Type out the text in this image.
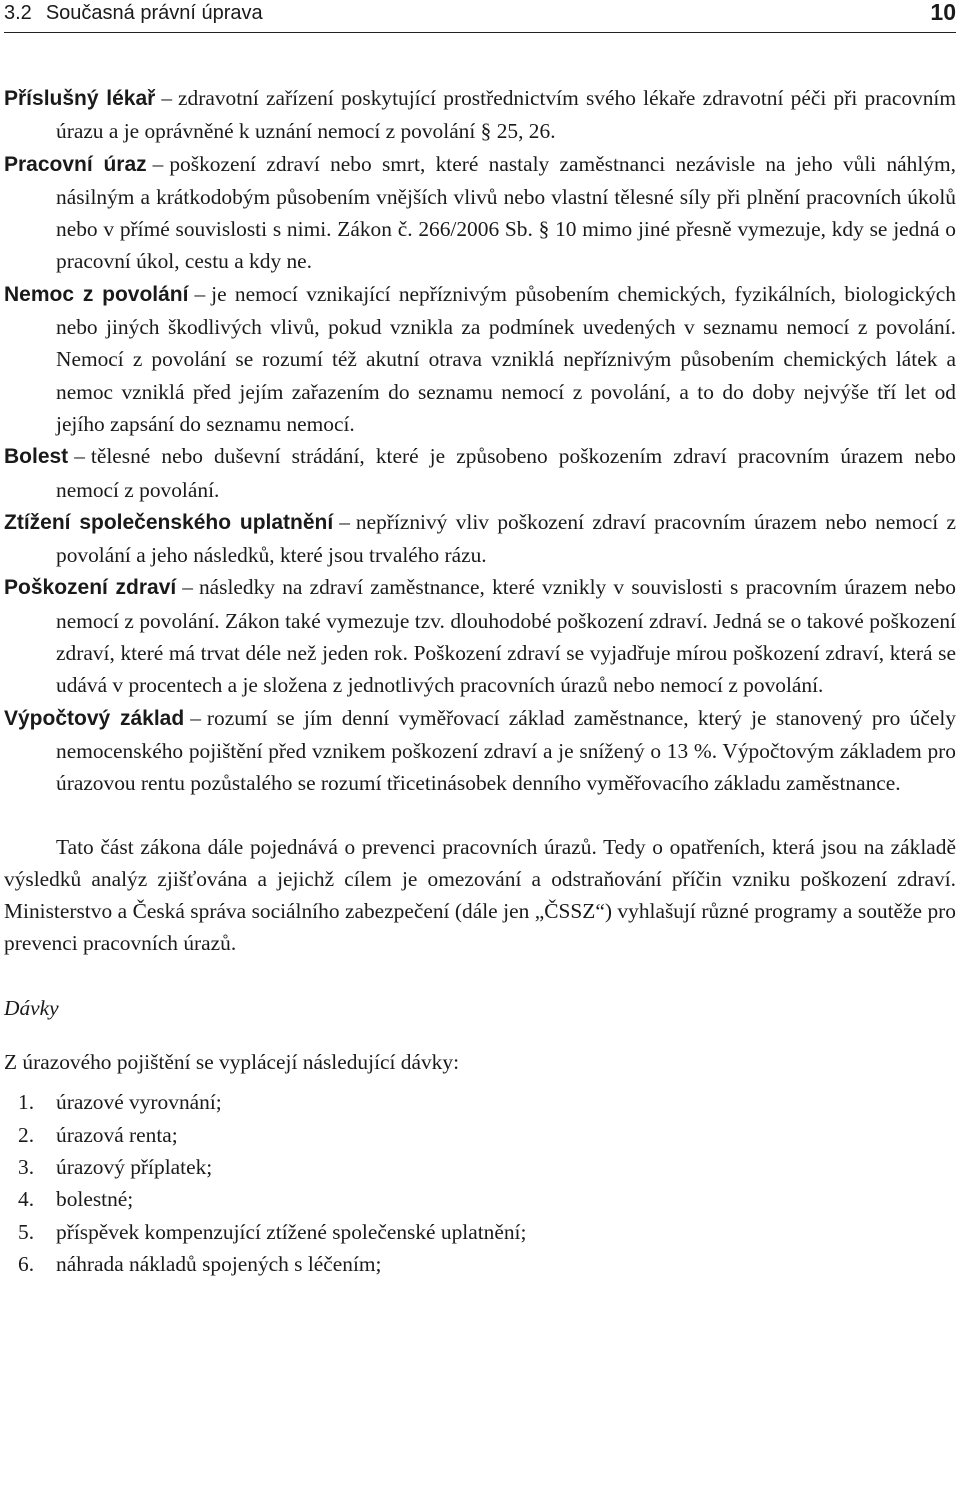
3.2 Současná právní úprava	10

Příslušný lékař – zdravotní zařízení poskytující prostřednictvím svého lékaře zdravotní péči při pracovním úrazu a je oprávněné k uznání nemocí z povolání § 25, 26.

Pracovní úraz – poškození zdraví nebo smrt, které nastaly zaměstnanci nezávisle na jeho vůli náhlým, násilným a krátkodobým působením vnějších vlivů nebo vlastní tělesné síly při plnění pracovních úkolů nebo v přímé souvislosti s nimi. Zákon č. 266/2006 Sb. § 10 mimo jiné přesně vymezuje, kdy se jedná o pracovní úkol, cestu a kdy ne.

Nemoc z povolání – je nemocí vznikající nepříznivým působením chemických, fyzikálních, biologických nebo jiných škodlivých vlivů, pokud vznikla za podmínek uvedených v seznamu nemocí z povolání. Nemocí z povolání se rozumí též akutní otrava vzniklá nepříznivým působením chemických látek a nemoc vzniklá před jejím zařazením do seznamu nemocí z povolání, a to do doby nejvýše tří let od jejího zapsání do seznamu nemocí.

Bolest – tělesné nebo duševní strádání, které je způsobeno poškozením zdraví pracovním úrazem nebo nemocí z povolání.

Ztížení společenského uplatnění – nepříznivý vliv poškození zdraví pracovním úrazem nebo nemocí z povolání a jeho následků, které jsou trvalého rázu.

Poškození zdraví – následky na zdraví zaměstnance, které vznikly v souvislosti s pracovním úrazem nebo nemocí z povolání. Zákon také vymezuje tzv. dlouhodobé poškození zdraví. Jedná se o takové poškození zdraví, které má trvat déle než jeden rok. Poškození zdraví se vyjadřuje mírou poškození zdraví, která se udává v procentech a je složena z jednotlivých pracovních úrazů nebo nemocí z povolání.

Výpočtový základ – rozumí se jím denní vyměřovací základ zaměstnance, který je stanovený pro účely nemocenského pojištění před vznikem poškození zdraví a je snížený o 13 %. Výpočtovým základem pro úrazovou rentu pozůstalého se rozumí třicetinásobek denního vyměřovacího základu zaměstnance.

Tato část zákona dále pojednává o prevenci pracovních úrazů. Tedy o opatřeních, která jsou na základě výsledků analýz zjišťována a jejichž cílem je omezování a odstraňování příčin vzniku poškození zdraví. Ministerstvo a Česká správa sociálního zabezpečení (dále jen „ČSSZ“) vyhlašují různé programy a soutěže pro prevenci pracovních úrazů.

Dávky

Z úrazového pojištění se vyplácejí následující dávky:

1. úrazové vyrovnání;
2. úrazová renta;
3. úrazový příplatek;
4. bolestné;
5. příspěvek kompenzující ztížené společenské uplatnění;
6. náhrada nákladů spojených s léčením;
